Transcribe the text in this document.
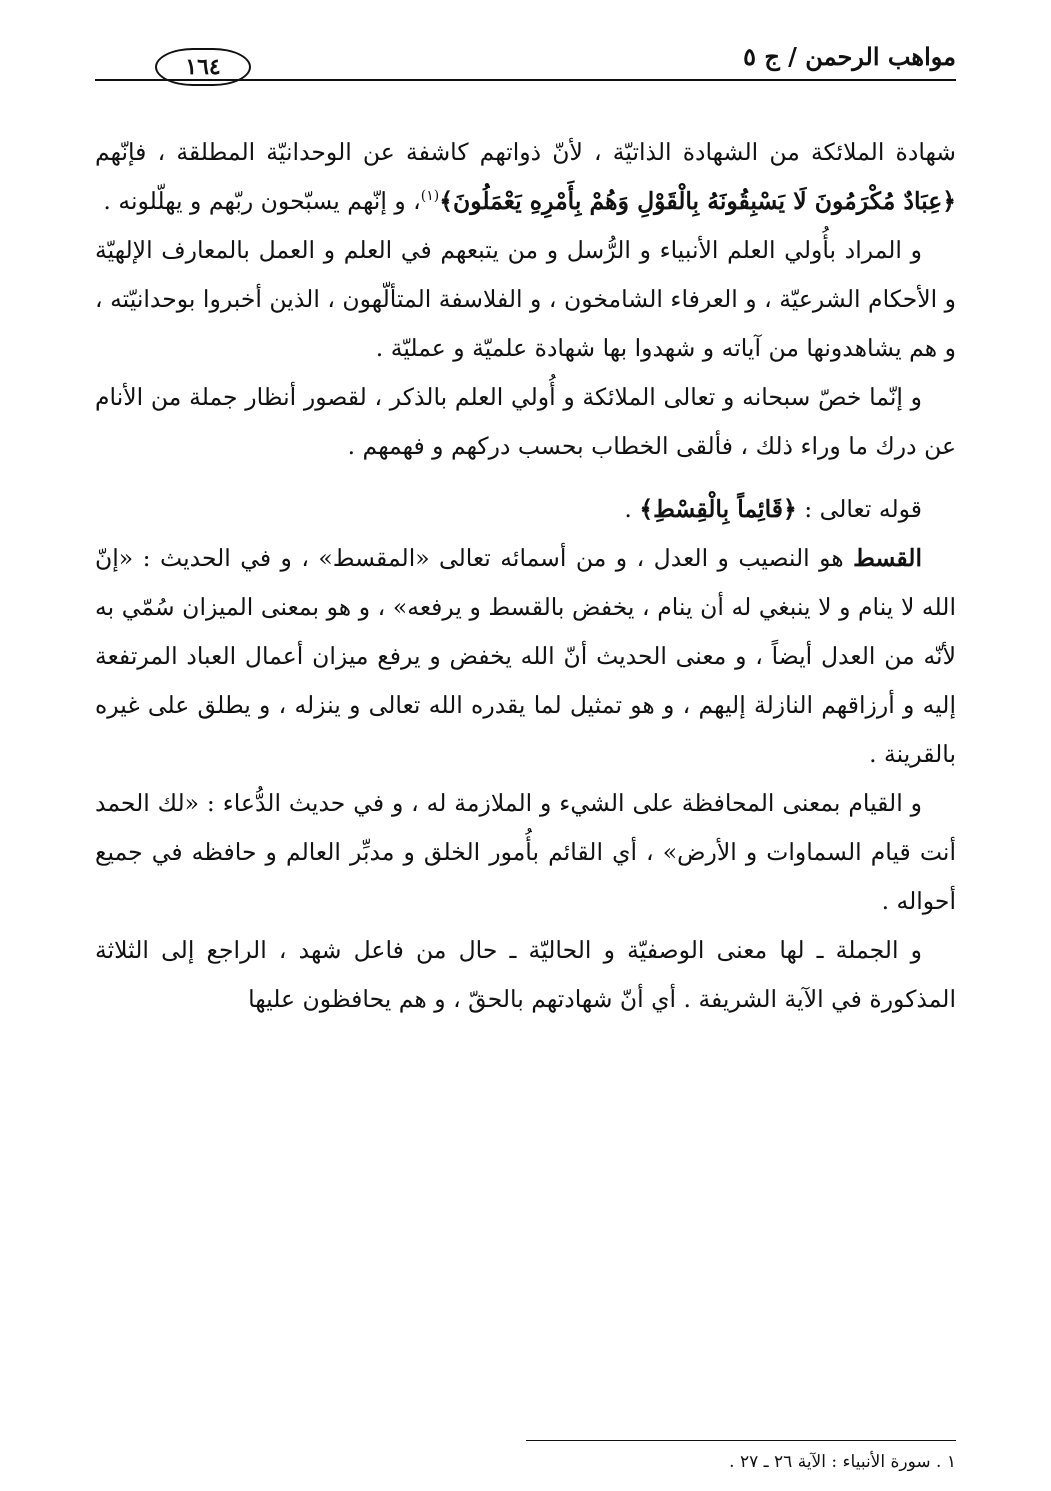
مواهب الرحمن / ج ٥
١٦٤

شهادة الملائكة من الشهادة الذاتيّة ، لأنّ ذواتهم كاشفة عن الوحدانيّة المطلقة ، فإنّهم ﴿عِبَادٌ مُكْرَمُونَ لَا يَسْبِقُونَهُ بِالْقَوْلِ وَهُمْ بِأَمْرِهِ يَعْمَلُونَ﴾$^{(١)}$، و إنّهم يسبّحون ربّهم و يهلّلونه .

و المراد بأُولي العلم الأنبياء و الرُّسل و من يتبعهم في العلم و العمل بالمعارف الإلهيّة و الأحكام الشرعيّة ، و العرفاء الشامخون ، و الفلاسفة المتألّهون ، الذين أخبروا بوحدانيّته ، و هم يشاهدونها من آياته و شهدوا بها شهادة علميّة و عمليّة .

و إنّما خصّ سبحانه و تعالى الملائكة و أُولي العلم بالذكر ، لقصور أنظار جملة من الأنام عن درك ما وراء ذلك ، فألقى الخطاب بحسب دركهم و فهمهم .

قوله تعالى : ﴿قَائِماً بِالْقِسْطِ﴾ .

القسط هو النصيب و العدل ، و من أسمائه تعالى «المقسط» ، و في الحديث : «إنّ الله لا ينام و لا ينبغي له أن ينام ، يخفض بالقسط و يرفعه» ، و هو بمعنى الميزان سُمّي به لأنّه من العدل أيضاً ، و معنى الحديث أنّ الله يخفض و يرفع ميزان أعمال العباد المرتفعة إليه و أرزاقهم النازلة إليهم ، و هو تمثيل لما يقدره الله تعالى و ينزله ، و يطلق على غيره بالقرينة .

و القيام بمعنى المحافظة على الشيء و الملازمة له ، و في حديث الدُّعاء : «لك الحمد أنت قيام السماوات و الأرض» ، أي القائم بأُمور الخلق و مدبِّر العالم و حافظه في جميع أحواله .

و الجملة ـ لها معنى الوصفيّة و الحاليّة ـ حال من فاعل شهد ، الراجع إلى الثلاثة المذكورة في الآية الشريفة . أي أنّ شهادتهم بالحقّ ، و هم يحافظون عليها

١ . سورة الأنبياء : الآية ٢٦ ـ ٢٧ .
